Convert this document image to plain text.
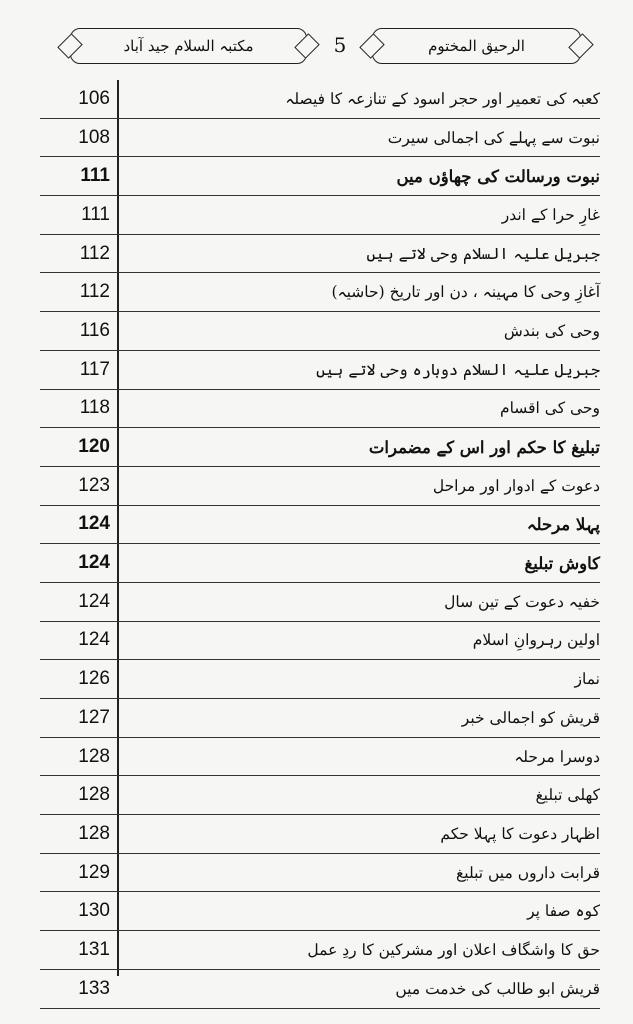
مکتبہ السلام جید آباد	5	الرحیق المختوم
106	کعبہ کی تعمیر اور حجر اسود کے تنازعہ کا فیصلہ
108	نبوت سے پہلے کی اجمالی سیرت
111	نبوت ورسالت کی چھاؤں میں
111	غارِ حرا کے اندر
112	جبریل علیہ السلام وحی لاتے ہیں
112	آغازِ وحی کا مہینہ ، دن اور تاریخ (حاشیہ)
116	وحی کی بندش
117	جبریل علیہ السلام دوبارہ وحی لاتے ہیں
118	وحی کی اقسام
120	تبلیغ کا حکم اور اس کے مضمرات
123	دعوت کے ادوار اور مراحل
124	پہلا مرحلہ
124	کاوش تبلیغ
124	خفیہ دعوت کے تین سال
124	اولین رہروانِ اسلام
126	نماز
127	قریش کو اجمالی خبر
128	دوسرا مرحلہ
128	کھلی تبلیغ
128	اظہار دعوت کا پہلا حکم
129	قرابت داروں میں تبلیغ
130	کوہ صفا پر
131	حق کا واشگاف اعلان اور مشرکین کا ردِ عمل
133	قریش ابو طالب کی خدمت میں
